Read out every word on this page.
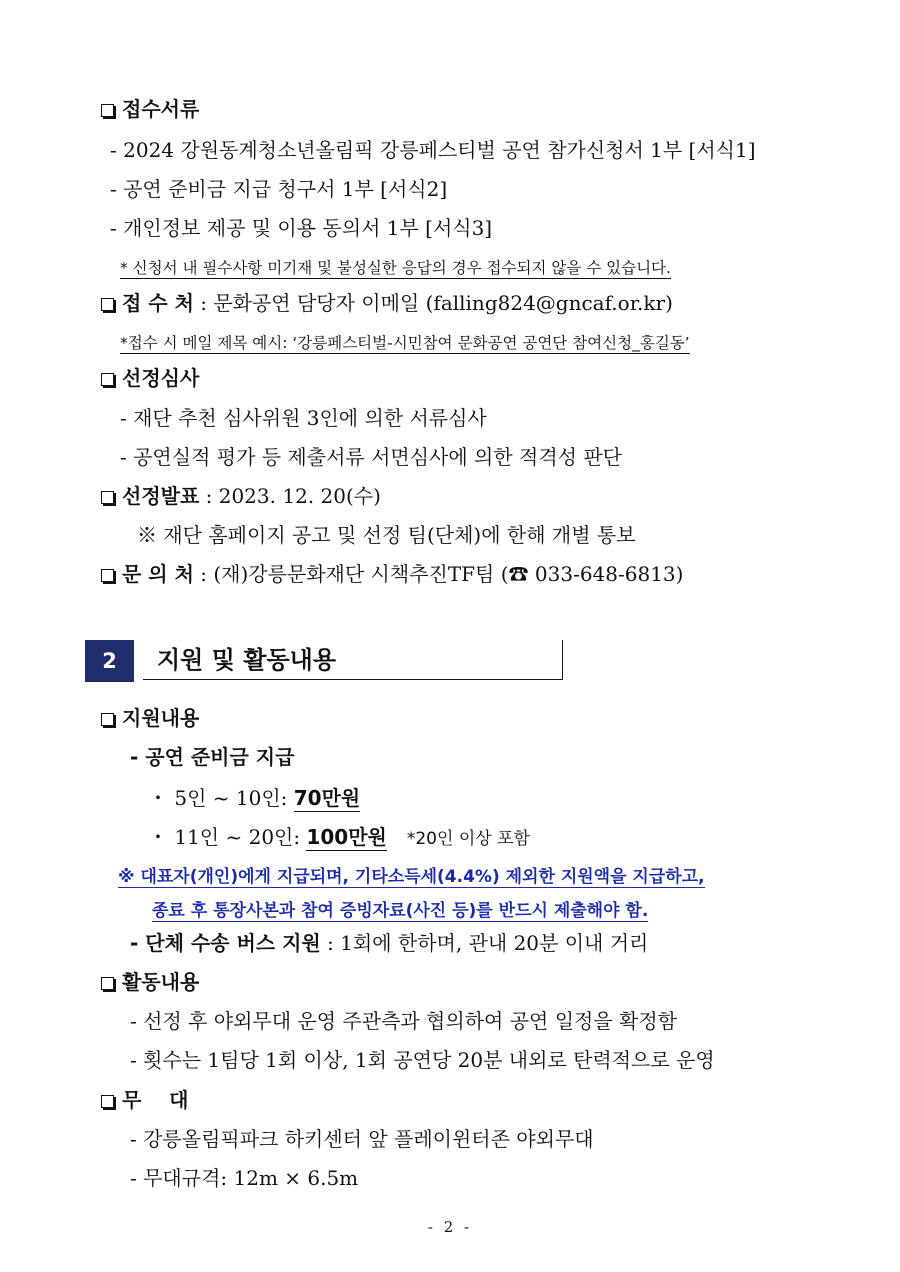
접수서류
- 2024 강원동계청소년올림픽 강릉페스티벌 공연 참가신청서 1부 [서식1]
- 공연 준비금 지급 청구서 1부 [서식2]
- 개인정보 제공 및 이용 동의서 1부 [서식3]
* 신청서 내 필수사항 미기재 및 불성실한 응답의 경우 접수되지 않을 수 있습니다.
접 수 처 : 문화공연 담당자 이메일 (falling824@gncaf.or.kr)
*접수 시 메일 제목 예시: ‘강릉페스티벌-시민참여 문화공연 공연단 참여신청_홍길동’
선정심사
- 재단 추천 심사위원 3인에 의한 서류심사
- 공연실적 평가 등 제출서류 서면심사에 의한 적격성 판단
선정발표 : 2023. 12. 20(수)
※ 재단 홈페이지 공고 및 선정 팀(단체)에 한해 개별 통보
문 의 처 : (재)강릉문화재단 시책추진TF팀 (☎ 033-648-6813)
2	지원 및 활동내용
지원내용
- 공연 준비금 지급
・ 5인 ~ 10인: 70만원
・ 11인 ~ 20인: 100만원 *20인 이상 포함
※ 대표자(개인)에게 지급되며, 기타소득세(4.4%) 제외한 지원액을 지급하고,
종료 후 통장사본과 참여 증빙자료(사진 등)를 반드시 제출해야 함.
- 단체 수송 버스 지원 : 1회에 한하며, 관내 20분 이내 거리
활동내용
- 선정 후 야외무대 운영 주관측과 협의하여 공연 일정을 확정함
- 횟수는 1팀당 1회 이상, 1회 공연당 20분 내외로 탄력적으로 운영
무    대
- 강릉올림픽파크 하키센터 앞 플레이윈터존 야외무대
- 무대규격: 12m × 6.5m
- 2 -
